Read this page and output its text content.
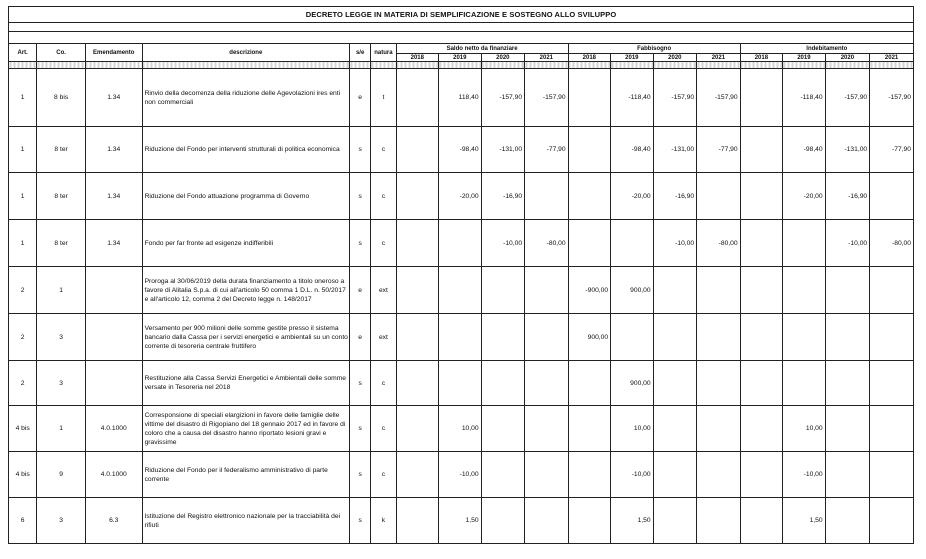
DECRETO LEGGE IN MATERIA DI SEMPLIFICAZIONE E SOSTEGNO ALLO SVILUPPO																	

Art.	Co.	Emendamento	descrizione	s/e	natura	Saldo netto da finanziare				Fabbisogno				Indebitamento			
						2018	2019	2020	2021	2018	2019	2020	2021	2018	2019	2020	2021

1	8 bis	1.34	Rinvio della decorrenza della riduzione delle Agevolazioni ires enti non commerciali	e	t		118,40	-157,90	-157,90		-118,40	-157,90	-157,90		-118,40	-157,90	-157,90
1	8 ter	1.34	Riduzione del Fondo per interventi strutturali di politica economica	s	c		-98,40	-131,00	-77,90		-98,40	-131,00	-77,90		-98,40	-131,00	-77,90
1	8 ter	1.34	Riduzione del Fondo attuazione programma di Governo	s	c		-20,00	-16,90			-20,00	-16,90			-20,00	-16,90	
1	8 ter	1.34	Fondo per far fronte ad esigenze indifferibili	s	c			-10,00	-80,00			-10,00	-80,00			-10,00	-80,00
2	1		Proroga al 30/06/2019 della durata finanziamento a titolo oneroso a favore di Alitalia S.p.a. di cui all'articolo 50 comma 1 D.L. n. 50/2017 e all'articolo 12, comma 2 del Decreto legge n. 148/2017	e	ext					-900,00	900,00						
2	3		Versamento per 900 milioni delle somme gestite presso il sistema bancario dalla Cassa per i servizi energetici e ambientali su un conto corrente di tesoreria centrale fruttifero	e	ext					900,00							
2	3		Restituzione alla Cassa Servizi Energetici e Ambientali delle somme versate in Tesoreria nel 2018	s	c						900,00						
4 bis	1	4.0.1000	Corresponsione di speciali elargizioni in favore delle famiglie delle vittime del disastro di Rigopiano del 18 gennaio 2017 ed in favore di coloro che a causa del disastro hanno riportato lesioni gravi e gravissime	s	c		10,00				10,00				10,00		
4 bis	9	4.0.1000	Riduzione del Fondo per il federalismo amministrativo di parte corrente	s	c		-10,00				-10,00				-10,00		
6	3	6.3	Istituzione del Registro elettronico nazionale per la tracciabilità dei rifiuti	s	k		1,50				1,50				1,50		
